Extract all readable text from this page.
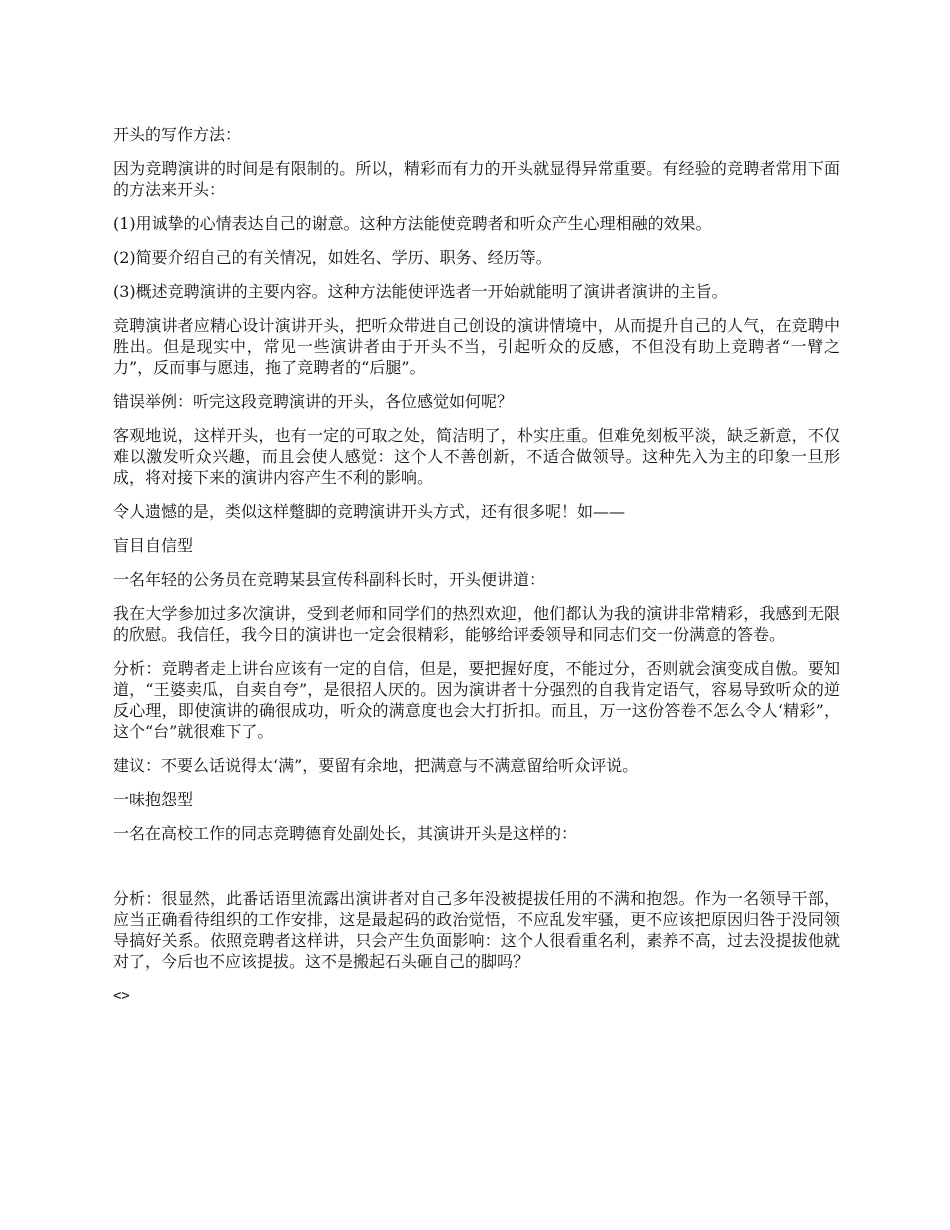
开头的写作方法：

因为竞聘演讲的时间是有限制的。所以，精彩而有力的开头就显得异常重要。有经验的竞聘者常用下面的方法来开头：

(1)用诚挚的心情表达自己的谢意。这种方法能使竞聘者和听众产生心理相融的效果。

(2)简要介绍自己的有关情况，如姓名、学历、职务、经历等。

(3)概述竞聘演讲的主要内容。这种方法能使评选者一开始就能明了演讲者演讲的主旨。

竞聘演讲者应精心设计演讲开头，把听众带进自己创设的演讲情境中，从而提升自己的人气，在竞聘中胜出。但是现实中，常见一些演讲者由于开头不当，引起听众的反感，不但没有助上竞聘者“一臂之力”，反而事与愿违，拖了竞聘者的“后腿”。

错误举例：听完这段竞聘演讲的开头，各位感觉如何呢？

客观地说，这样开头，也有一定的可取之处，简洁明了，朴实庄重。但难免刻板平淡，缺乏新意，不仅难以激发听众兴趣，而且会使人感觉：这个人不善创新，不适合做领导。这种先入为主的印象一旦形成，将对接下来的演讲内容产生不利的影响。

令人遗憾的是，类似这样蹩脚的竞聘演讲开头方式，还有很多呢！如——

盲目自信型

一名年轻的公务员在竞聘某县宣传科副科长时，开头便讲道：

我在大学参加过多次演讲，受到老师和同学们的热烈欢迎，他们都认为我的演讲非常精彩，我感到无限的欣慰。我信任，我今日的演讲也一定会很精彩，能够给评委领导和同志们交一份满意的答卷。

分析：竞聘者走上讲台应该有一定的自信，但是，要把握好度，不能过分，否则就会演变成自傲。要知道，“王婆卖瓜，自卖自夸”，是很招人厌的。因为演讲者十分强烈的自我肯定语气，容易导致听众的逆反心理，即使演讲的确很成功，听众的满意度也会大打折扣。而且，万一这份答卷不怎么令人‘精彩”，这个“台”就很难下了。

建议：不要么话说得太‘满”，要留有余地，把满意与不满意留给听众评说。

一味抱怨型

一名在高校工作的同志竞聘德育处副处长，其演讲开头是这样的：

分析：很显然，此番话语里流露出演讲者对自己多年没被提拔任用的不满和抱怨。作为一名领导干部，应当正确看待组织的工作安排，这是最起码的政治觉悟，不应乱发牢骚，更不应该把原因归咎于没同领导搞好关系。依照竞聘者这样讲，只会产生负面影响：这个人很看重名利，素养不高，过去没提拔他就对了，今后也不应该提拔。这不是搬起石头砸自己的脚吗？

<>
